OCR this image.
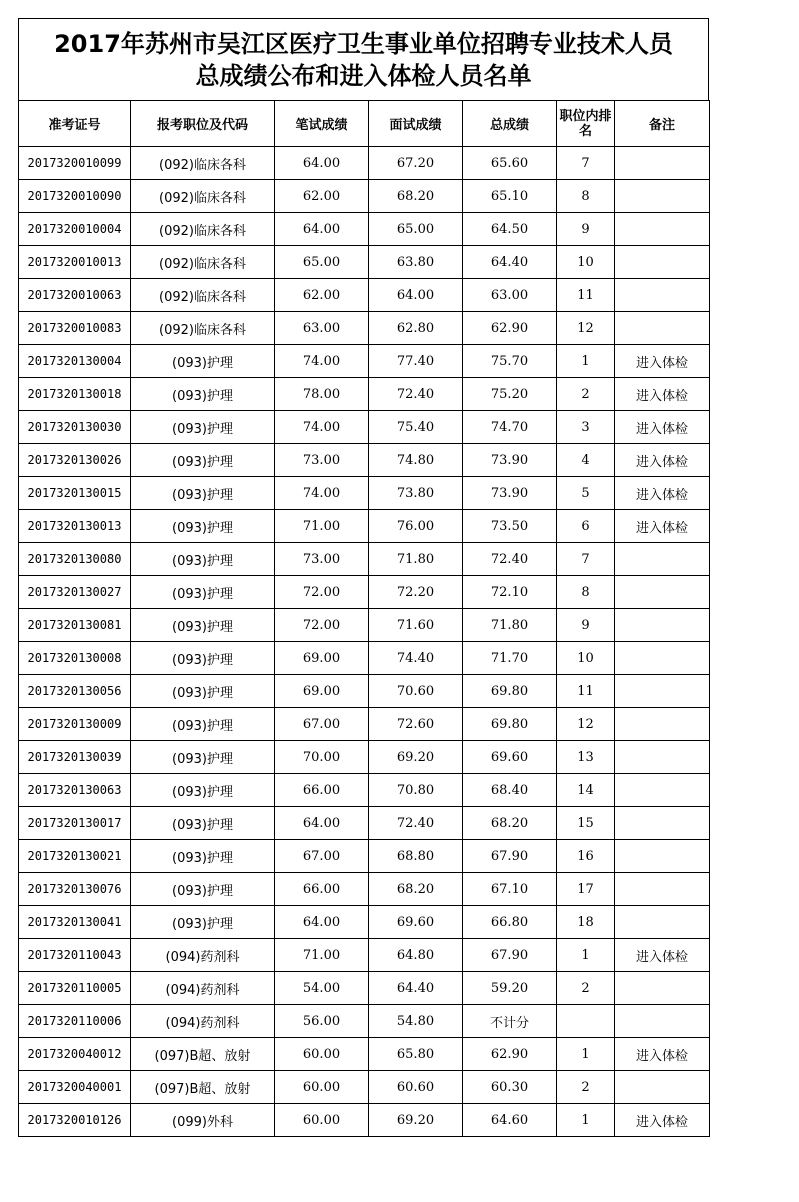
2017年苏州市吴江区医疗卫生事业单位招聘专业技术人员
总成绩公布和进入体检人员名单
准考证号	报考职位及代码	笔试成绩	面试成绩	总成绩	职位内排名	备注
2017320010099	(092)临床各科	64.00	67.20	65.60	7	
2017320010090	(092)临床各科	62.00	68.20	65.10	8	
2017320010004	(092)临床各科	64.00	65.00	64.50	9	
2017320010013	(092)临床各科	65.00	63.80	64.40	10	
2017320010063	(092)临床各科	62.00	64.00	63.00	11	
2017320010083	(092)临床各科	63.00	62.80	62.90	12	
2017320130004	(093)护理	74.00	77.40	75.70	1	进入体检
2017320130018	(093)护理	78.00	72.40	75.20	2	进入体检
2017320130030	(093)护理	74.00	75.40	74.70	3	进入体检
2017320130026	(093)护理	73.00	74.80	73.90	4	进入体检
2017320130015	(093)护理	74.00	73.80	73.90	5	进入体检
2017320130013	(093)护理	71.00	76.00	73.50	6	进入体检
2017320130080	(093)护理	73.00	71.80	72.40	7	
2017320130027	(093)护理	72.00	72.20	72.10	8	
2017320130081	(093)护理	72.00	71.60	71.80	9	
2017320130008	(093)护理	69.00	74.40	71.70	10	
2017320130056	(093)护理	69.00	70.60	69.80	11	
2017320130009	(093)护理	67.00	72.60	69.80	12	
2017320130039	(093)护理	70.00	69.20	69.60	13	
2017320130063	(093)护理	66.00	70.80	68.40	14	
2017320130017	(093)护理	64.00	72.40	68.20	15	
2017320130021	(093)护理	67.00	68.80	67.90	16	
2017320130076	(093)护理	66.00	68.20	67.10	17	
2017320130041	(093)护理	64.00	69.60	66.80	18	
2017320110043	(094)药剂科	71.00	64.80	67.90	1	进入体检
2017320110005	(094)药剂科	54.00	64.40	59.20	2	
2017320110006	(094)药剂科	56.00	54.80	不计分		
2017320040012	(097)B超、放射	60.00	65.80	62.90	1	进入体检
2017320040001	(097)B超、放射	60.00	60.60	60.30	2	
2017320010126	(099)外科	60.00	69.20	64.60	1	进入体检
